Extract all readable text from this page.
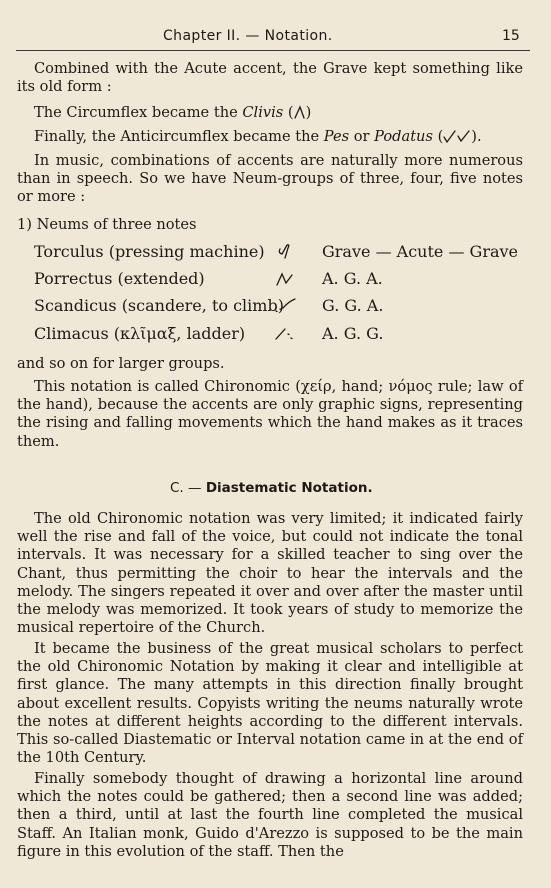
Chapter II. — Notation.	15

Combined with the Acute accent, the Grave kept something like its old form :

The Circumflex became the Clivis ( )
Finally, the Anticircumflex became the Pes or Podatus ( ).

In music, combinations of accents are naturally more numerous than in speech. So we have Neum-groups of three, four, five notes or more :

1) Neums of three notes
Torculus (pressing machine)	Grave — Acute — Grave
Porrectus (extended)	A. G. A.
Scandicus (scandere, to climb) G. G. A.
Climacus (κλῖμαξ, ladder)	A. G. G.
and so on for larger groups.

This notation is called Chironomic (χείρ, hand; νόμος rule; law of the hand), because the accents are only graphic signs, representing the rising and falling movements which the hand makes as it traces them.

C. — Diastematic Notation.

The old Chironomic notation was very limited; it indicated fairly well the rise and fall of the voice, but could not indicate the tonal intervals. It was necessary for a skilled teacher to sing over the Chant, thus permitting the choir to hear the intervals and the melody. The singers repeated it over and over after the master until the melody was memorized. It took years of study to memorize the musical repertoire of the Church.

It became the business of the great musical scholars to perfect the old Chironomic Notation by making it clear and intelligible at first glance. The many attempts in this direction finally brought about excellent results. Copyists writing the neums naturally wrote the notes at different heights according to the different intervals. This so-called Diastematic or Interval notation came in at the end of the 10th Century.

Finally somebody thought of drawing a horizontal line around which the notes could be gathered; then a second line was added; then a third, until at last the fourth line completed the musical Staff. An Italian monk, Guido d'Arezzo is supposed to be the main figure in this evolution of the staff. Then the
